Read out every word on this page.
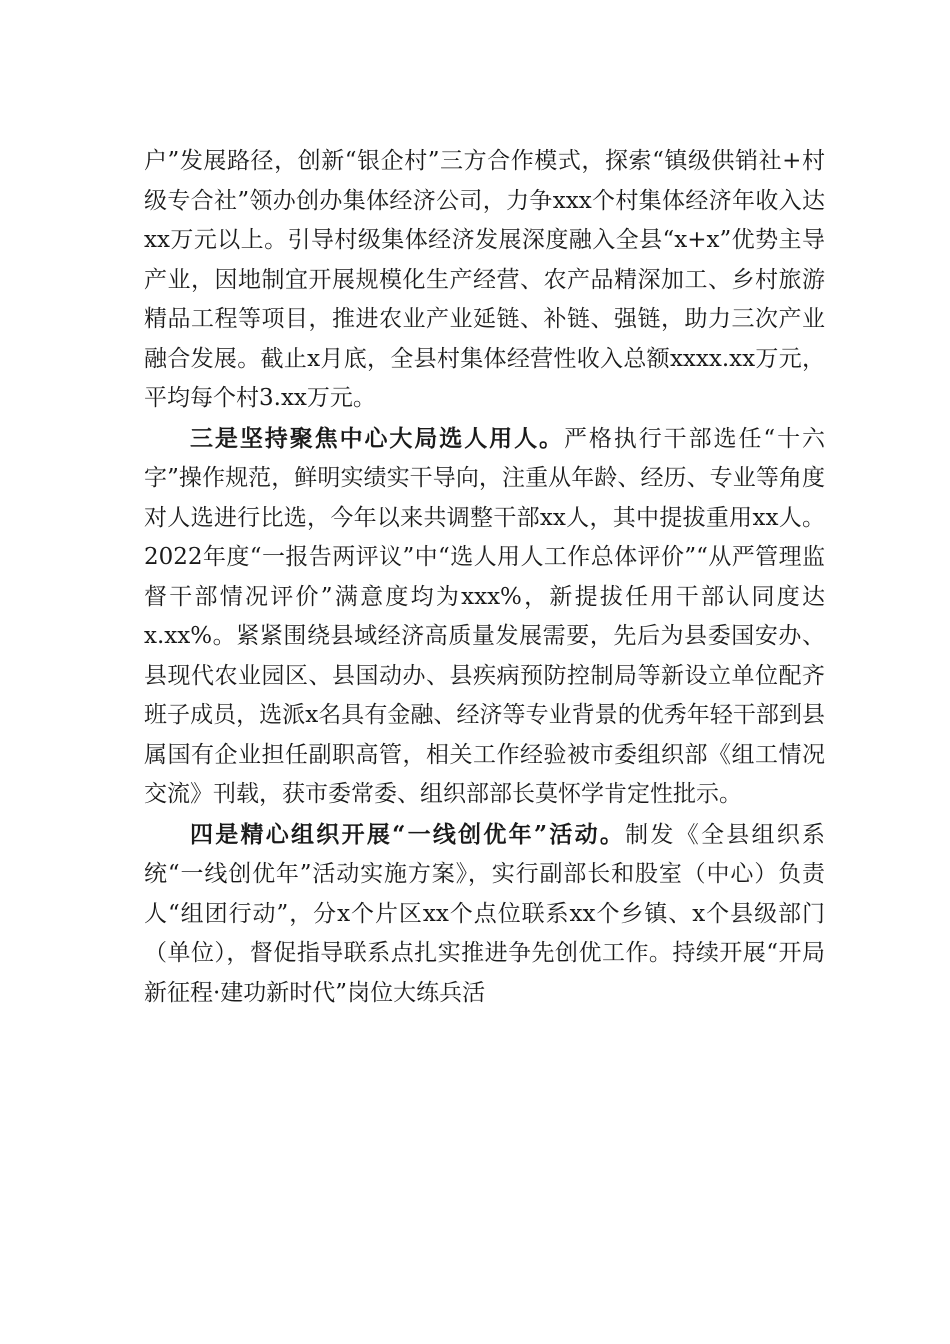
户”发展路径，创新“银企村”三方合作模式，探索“镇级供销社+村级专合社”领办创办集体经济公司，力争xxx个村集体经济年收入达xx万元以上。引导村级集体经济发展深度融入全县“x+x”优势主导产业，因地制宜开展规模化生产经营、农产品精深加工、乡村旅游精品工程等项目，推进农业产业延链、补链、强链，助力三次产业融合发展。截止x月底，全县村集体经营性收入总额xxxx.xx万元，平均每个村3.xx万元。

三是坚持聚焦中心大局选人用人。严格执行干部选任“十六字”操作规范，鲜明实绩实干导向，注重从年龄、经历、专业等角度对人选进行比选，今年以来共调整干部xx人，其中提拔重用xx人。2022年度“一报告两评议”中“选人用人工作总体评价”“从严管理监督干部情况评价”满意度均为xxx%，新提拔任用干部认同度达x.xx%。紧紧围绕县域经济高质量发展需要，先后为县委国安办、县现代农业园区、县国动办、县疾病预防控制局等新设立单位配齐班子成员，选派x名具有金融、经济等专业背景的优秀年轻干部到县属国有企业担任副职高管，相关工作经验被市委组织部《组工情况交流》刊载，获市委常委、组织部部长莫怀学肯定性批示。

四是精心组织开展“一线创优年”活动。制发《全县组织系统“一线创优年”活动实施方案》，实行副部长和股室（中心）负责人“组团行动”，分x个片区xx个点位联系xx个乡镇、x个县级部门（单位），督促指导联系点扎实推进争先创优工作。持续开展“开局新征程·建功新时代”岗位大练兵活
